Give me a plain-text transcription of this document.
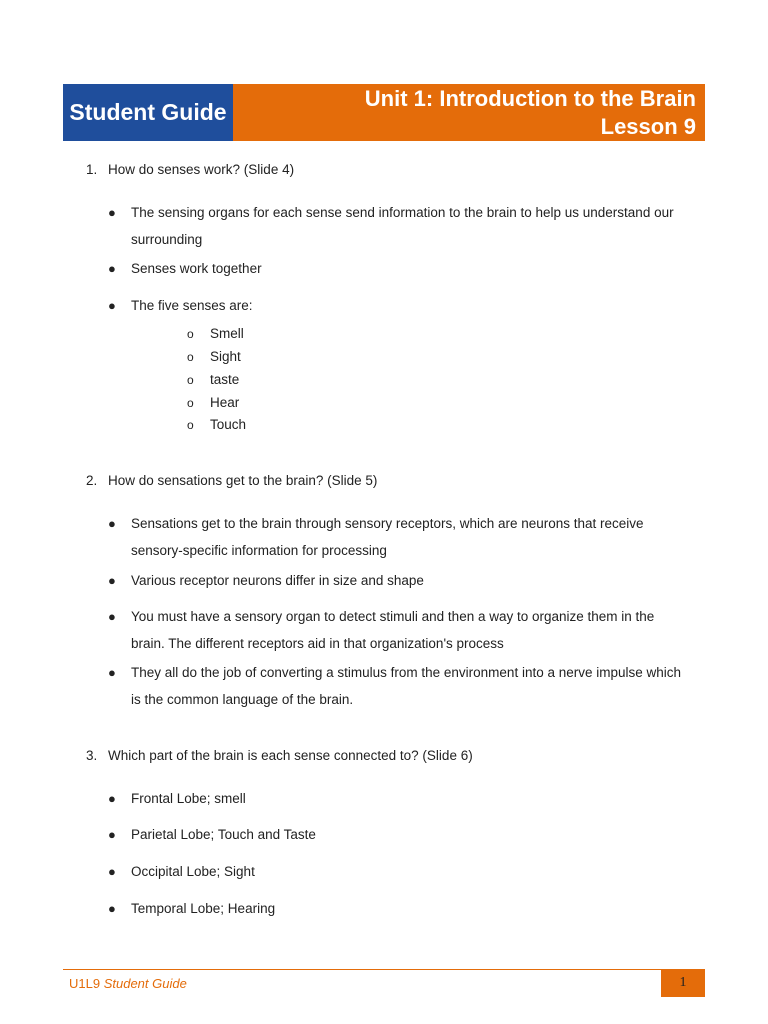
Student Guide
Unit 1: Introduction to the Brain
Lesson 9
1. How do senses work? (Slide 4)
● The sensing organs for each sense send information to the brain to help us understand our
surrounding
● Senses work together
● The five senses are:
o Smell
o Sight
o taste
o Hear
o Touch
2. How do sensations get to the brain? (Slide 5)
● Sensations get to the brain through sensory receptors, which are neurons that receive
sensory-specific information for processing
● Various receptor neurons differ in size and shape
● You must have a sensory organ to detect stimuli and then a way to organize them in the
brain. The different receptors aid in that organization's process
● They all do the job of converting a stimulus from the environment into a nerve impulse which
is the common language of the brain.
3. Which part of the brain is each sense connected to? (Slide 6)
● Frontal Lobe; smell
● Parietal Lobe; Touch and Taste
● Occipital Lobe; Sight
● Temporal Lobe; Hearing
U1L9 Student Guide	1
